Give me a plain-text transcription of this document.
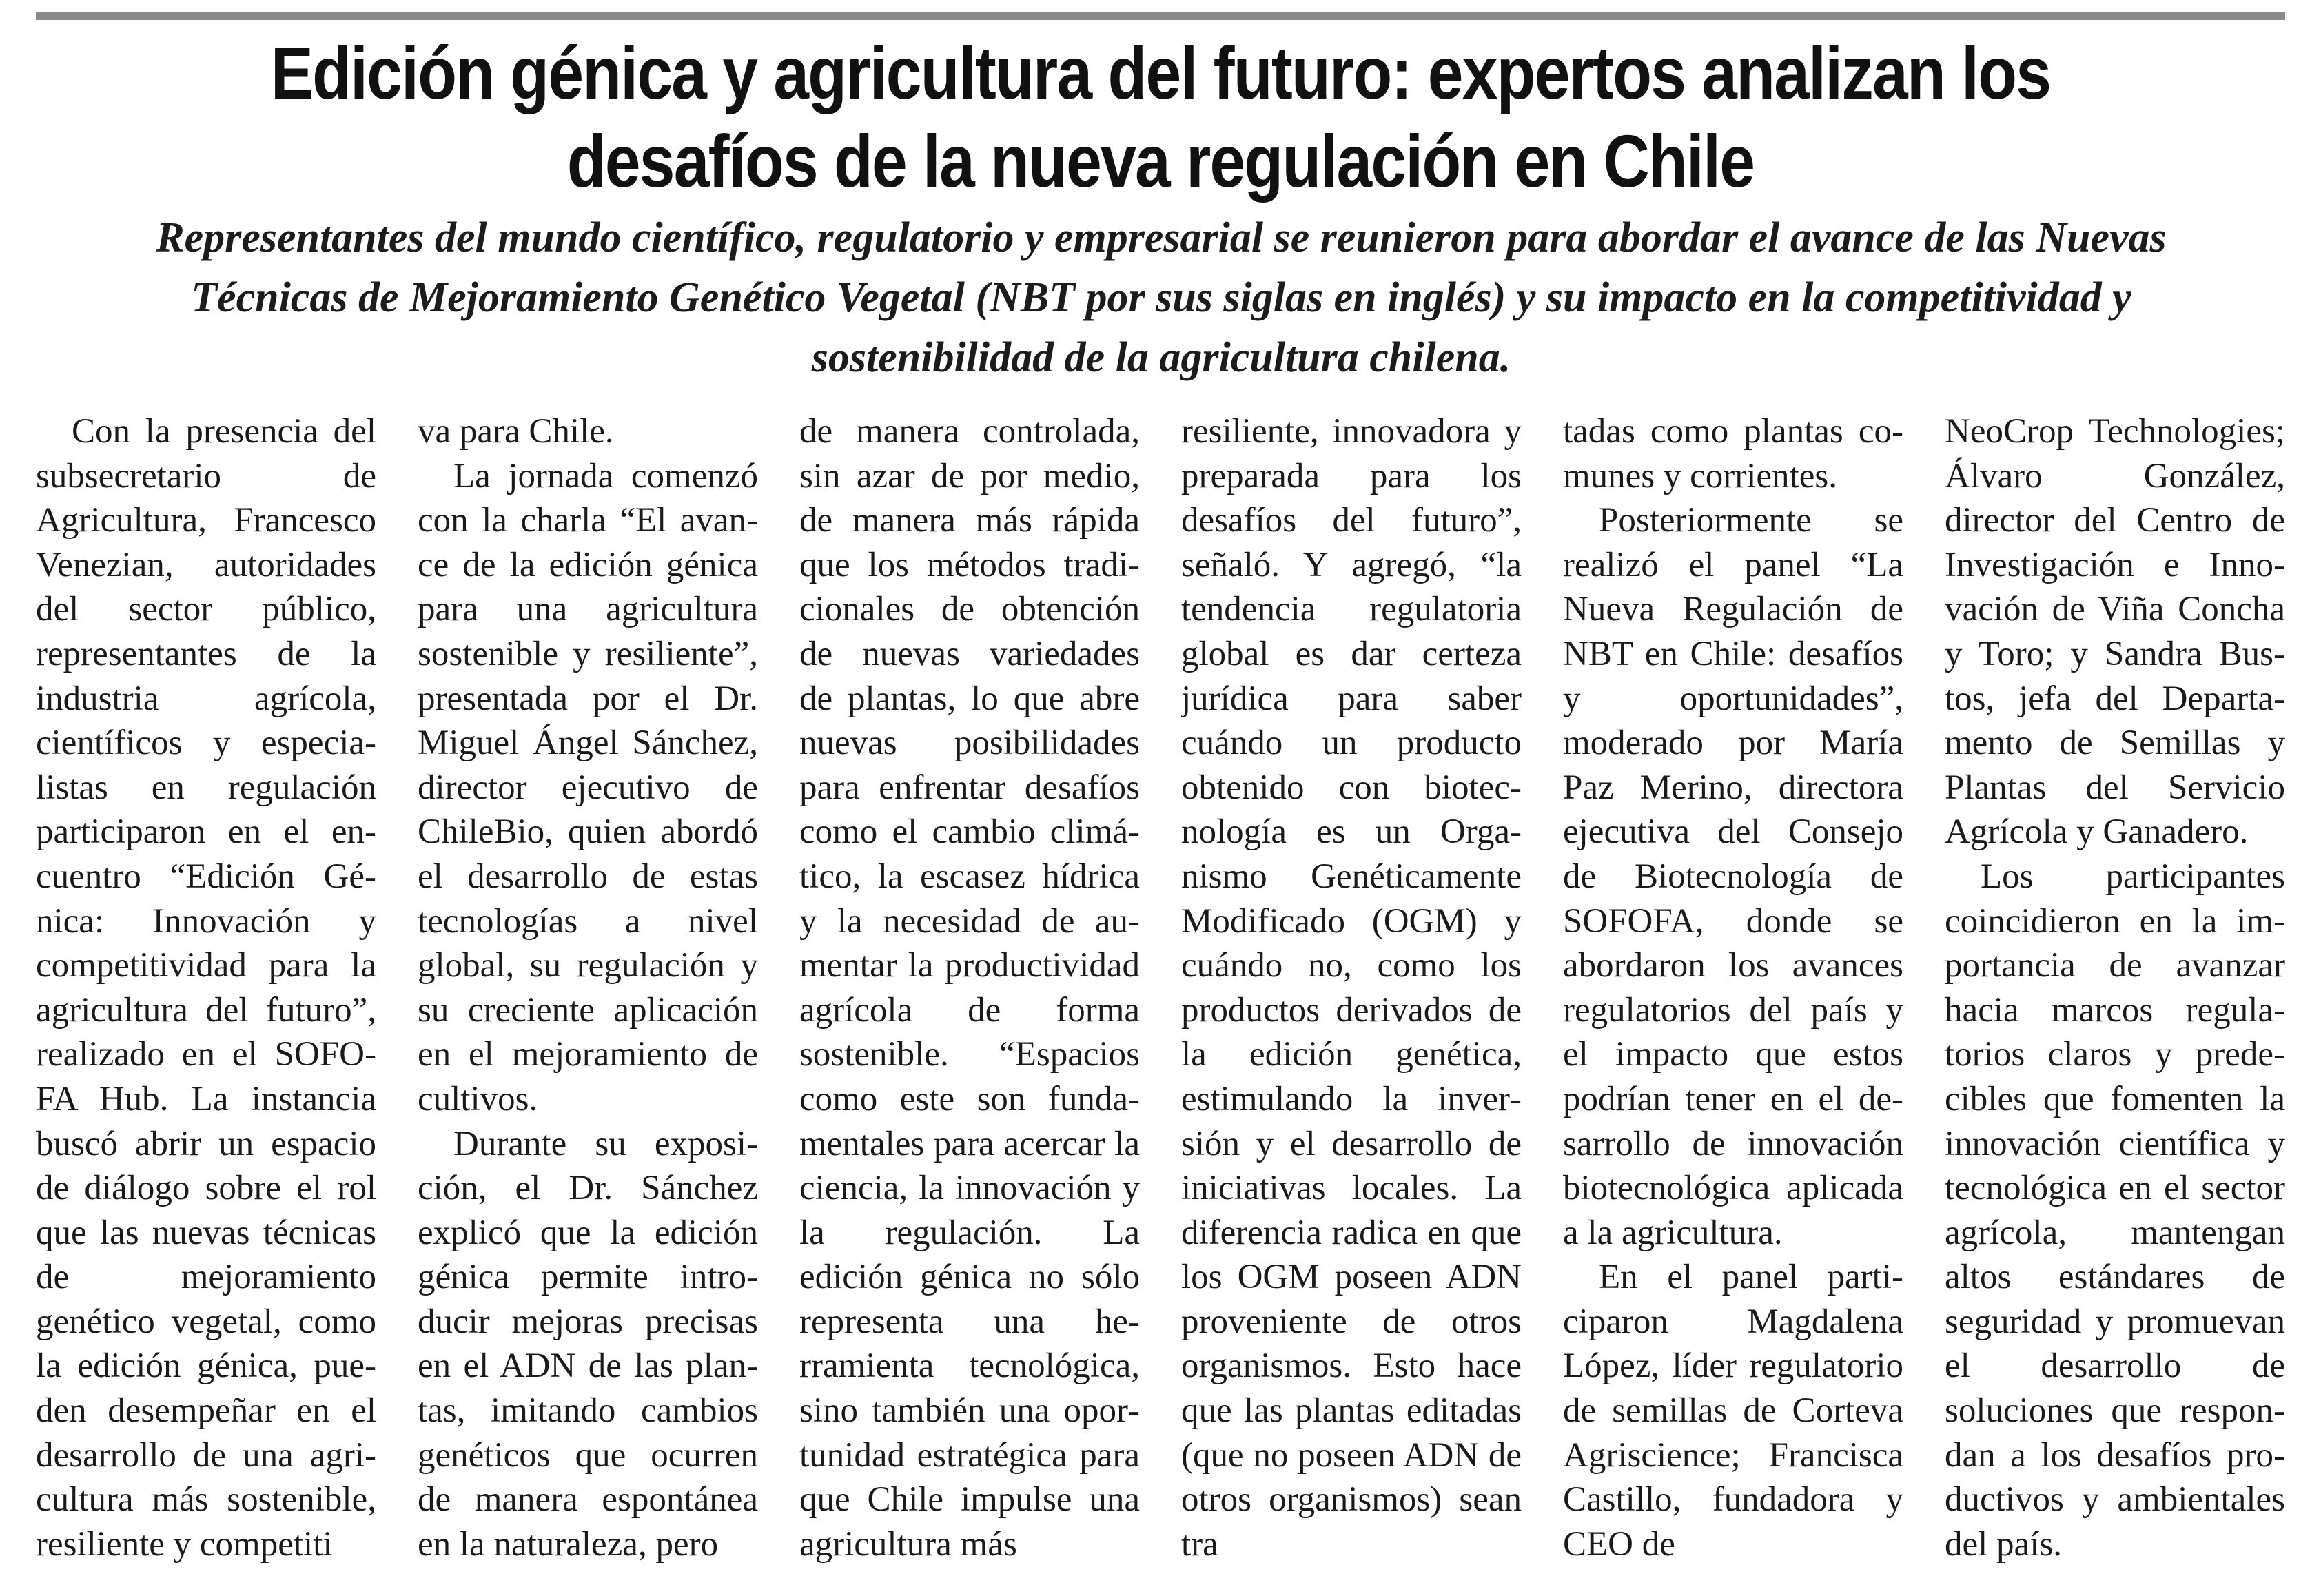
Edición génica y agricultura del futuro: expertos analizan los desafíos de la nueva regulación en Chile

Representantes del mundo científico, regulatorio y empresarial se reunieron para abordar el avance de las Nuevas Técnicas de Mejoramiento Genético Vegetal (NBT por sus siglas en inglés) y su impacto en la competitividad y sostenibilidad de la agricultura chilena.

Con la presencia del subsecretario de Agricultura, Francesco Venezian, autoridades del sector público, representantes de la industria agrícola, científicos y especialistas en regulación participaron en el encuentro “Edición Génica: Innovación y competitividad para la agricultura del futuro”, realizado en el SOFOFA Hub. La instancia buscó abrir un espacio de diálogo sobre el rol que las nuevas técnicas de mejoramiento genético vegetal, como la edición génica, pueden desempeñar en el desarrollo de una agricultura más sostenible, resiliente y competiti

va para Chile.
La jornada comenzó con la charla “El avance de la edición génica para una agricultura sostenible y resiliente”, presentada por el Dr. Miguel Ángel Sánchez, director ejecutivo de ChileBio, quien abordó el desarrollo de estas tecnologías a nivel global, su regulación y su creciente aplicación en el mejoramiento de cultivos.
Durante su exposición, el Dr. Sánchez explicó que la edición génica permite introducir mejoras precisas en el ADN de las plantas, imitando cambios genéticos que ocurren de manera espontánea en la naturaleza, pero

de manera controlada, sin azar de por medio, de manera más rápida que los métodos tradicionales de obtención de nuevas variedades de plantas, lo que abre nuevas posibilidades para enfrentar desafíos como el cambio climático, la escasez hídrica y la necesidad de aumentar la productividad agrícola de forma sostenible. “Espacios como este son fundamentales para acercar la ciencia, la innovación y la regulación. La edición génica no sólo representa una herramienta tecnológica, sino también una oportunidad estratégica para que Chile impulse una agricultura más

resiliente, innovadora y preparada para los desafíos del futuro”, señaló. Y agregó, “la tendencia regulatoria global es dar certeza jurídica para saber cuándo un producto obtenido con biotecnología es un Organismo Genéticamente Modificado (OGM) y cuándo no, como los productos derivados de la edición genética, estimulando la inversión y el desarrollo de iniciativas locales. La diferencia radica en que los OGM poseen ADN proveniente de otros organismos. Esto hace que las plantas editadas (que no poseen ADN de otros organismos) sean tra

tadas como plantas comunes y corrientes.
Posteriormente se realizó el panel “La Nueva Regulación de NBT en Chile: desafíos y oportunidades”, moderado por María Paz Merino, directora ejecutiva del Consejo de Biotecnología de SOFOFA, donde se abordaron los avances regulatorios del país y el impacto que estos podrían tener en el desarrollo de innovación biotecnológica aplicada a la agricultura.
En el panel participaron Magdalena López, líder regulatorio de semillas de Corteva Agriscience; Francisca Castillo, fundadora y CEO de

NeoCrop Technologies; Álvaro González, director del Centro de Investigación e Innovación de Viña Concha y Toro; y Sandra Bustos, jefa del Departamento de Semillas y Plantas del Servicio Agrícola y Ganadero.
Los participantes coincidieron en la importancia de avanzar hacia marcos regulatorios claros y predecibles que fomenten la innovación científica y tecnológica en el sector agrícola, mantengan altos estándares de seguridad y promuevan el desarrollo de soluciones que respondan a los desafíos productivos y ambientales del país.
